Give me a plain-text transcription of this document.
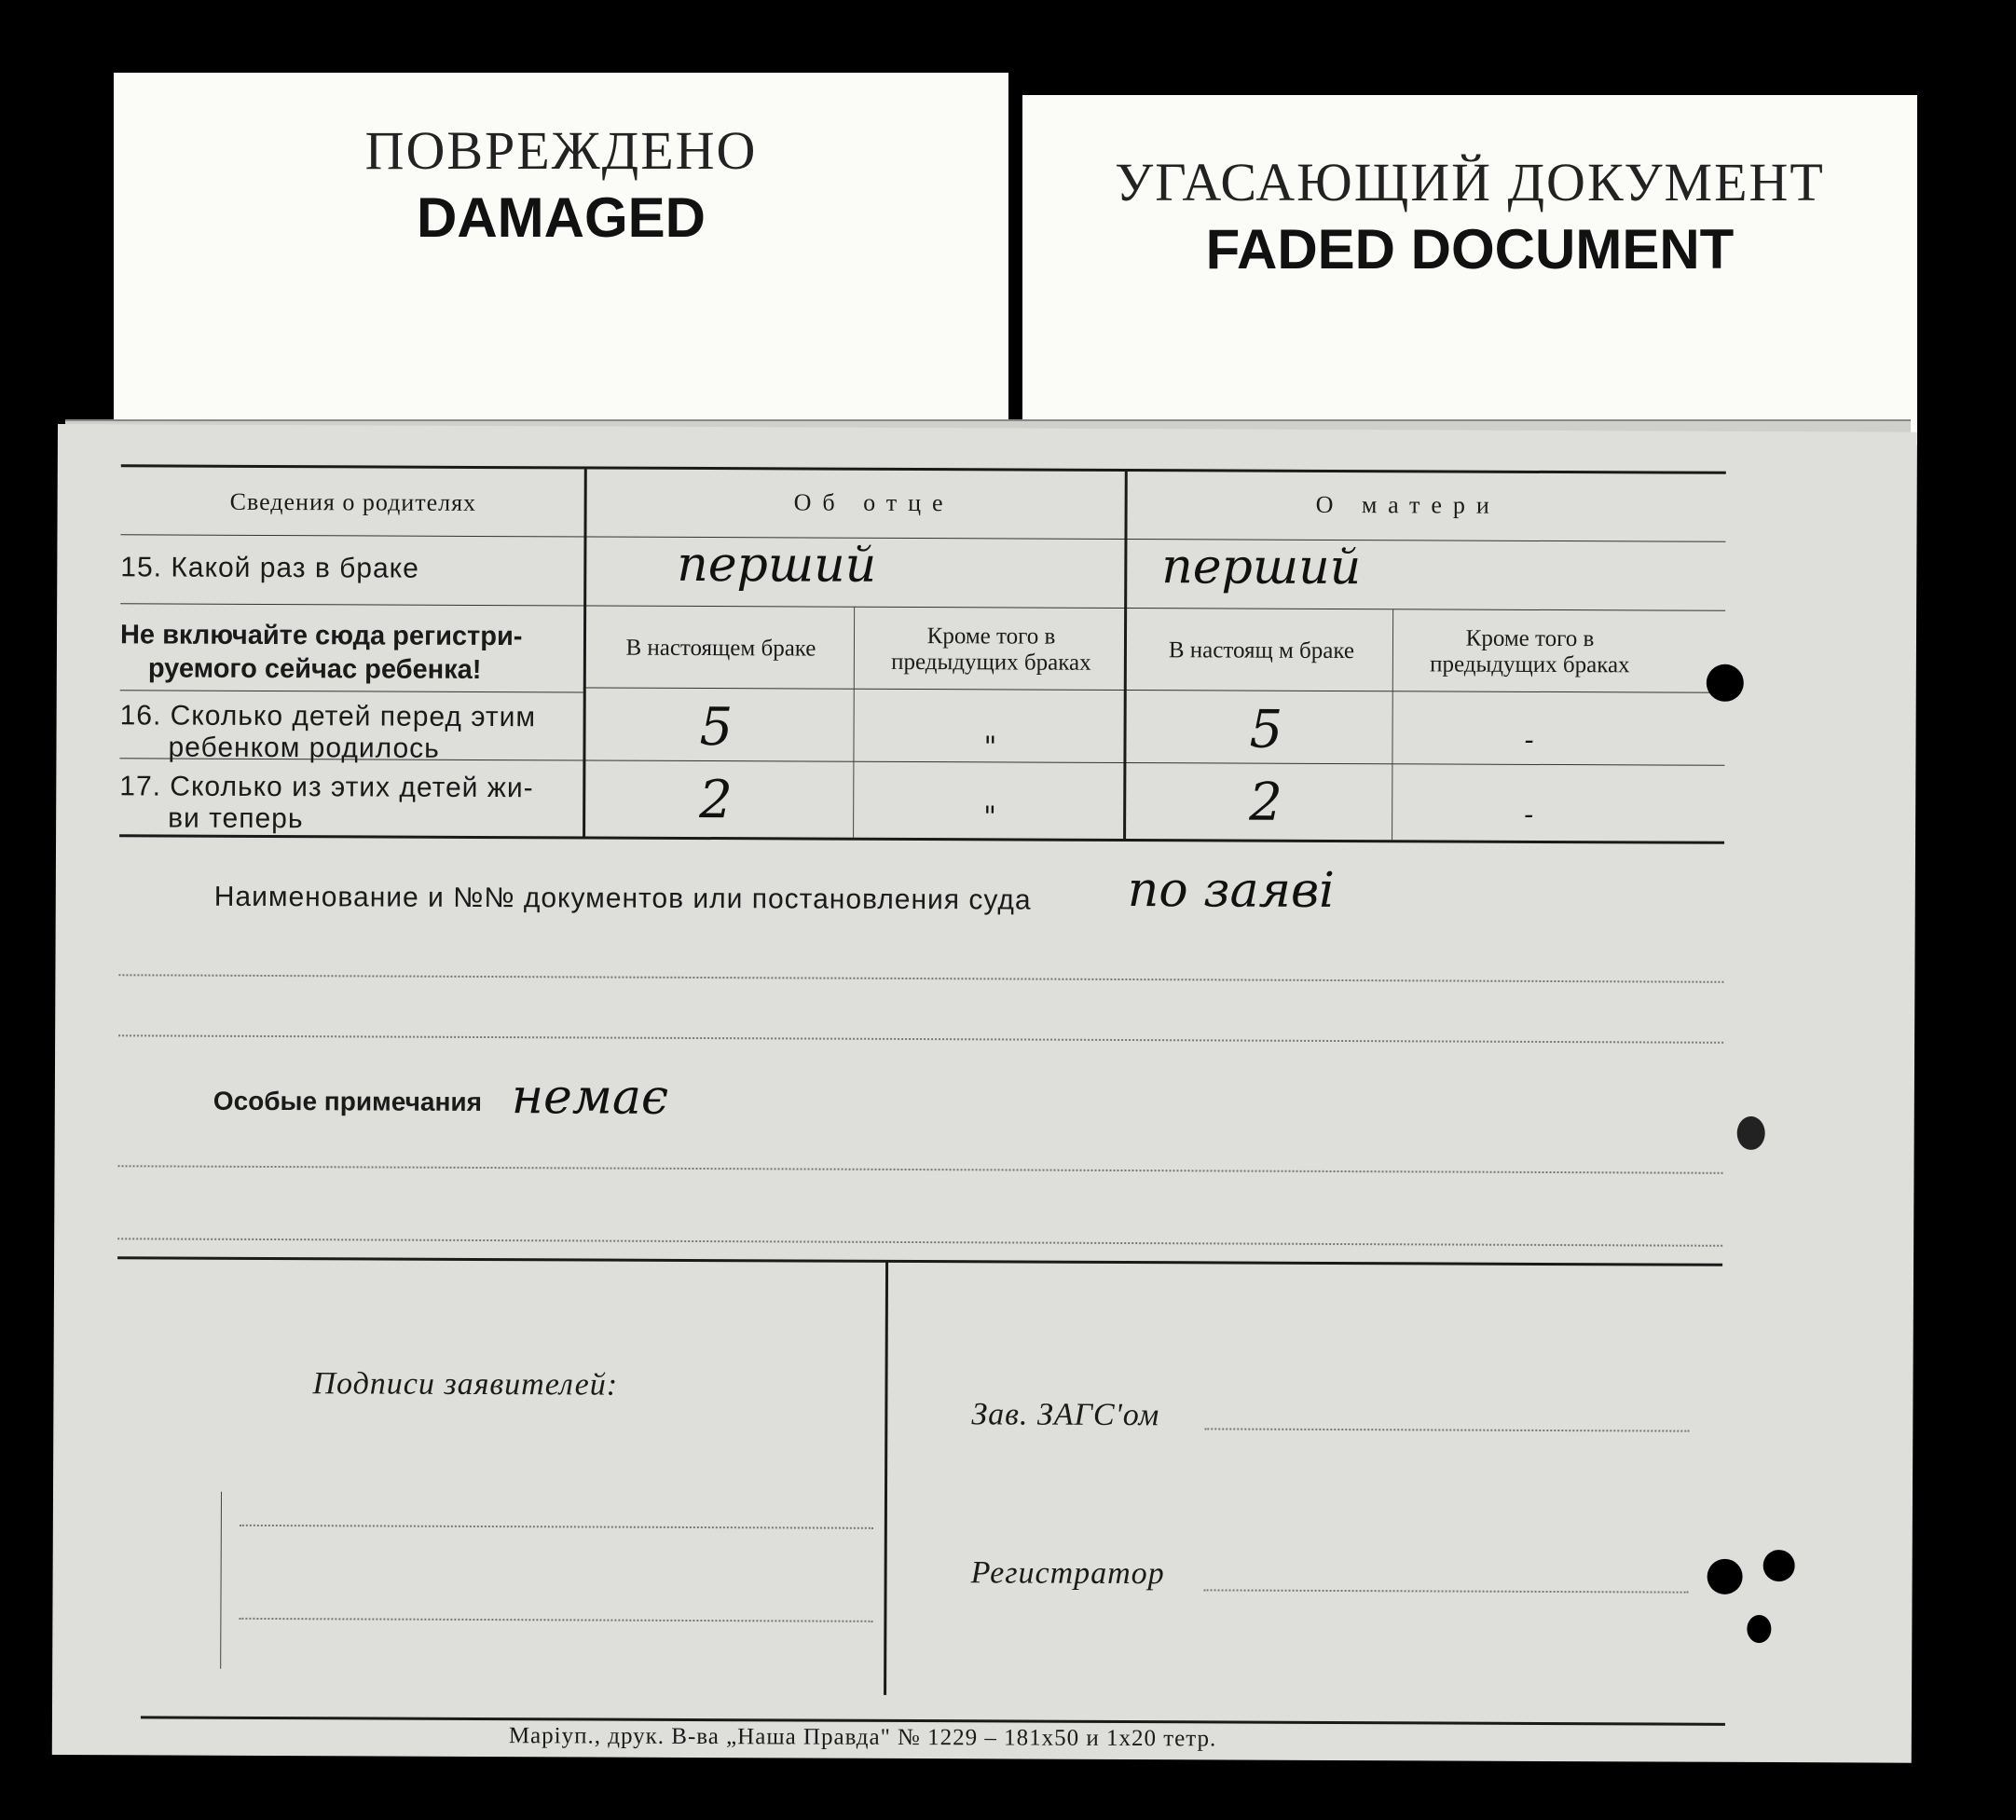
ПОВРЕЖДЕНО
DAMAGED
УГАСАЮЩИЙ ДОКУМЕНТ
FADED DOCUMENT
Сведения о родителях	Об отце	О матери
15. Какой раз в браке	перший	перший
Не включайте сюда регистри-
руемого сейчас ребенка!
В настоящем браке	Кроме того в предыдущих браках	В настоящ м браке	Кроме того в предыдущих браках
16. Сколько детей перед этим
ребенком родилось	5	"	5	-
17. Сколько из этих детей жи-
ви теперь	2	"	2	-
Наименование и №№ документов или постановления суда по заяві
Особые примечания немає
Подписи заявителей:
Зав. ЗАГС'ом
Регистратор
Маріуп., друк. В-ва „Наша Правда" № 1229 – 181х50 и 1х20 тетр.
